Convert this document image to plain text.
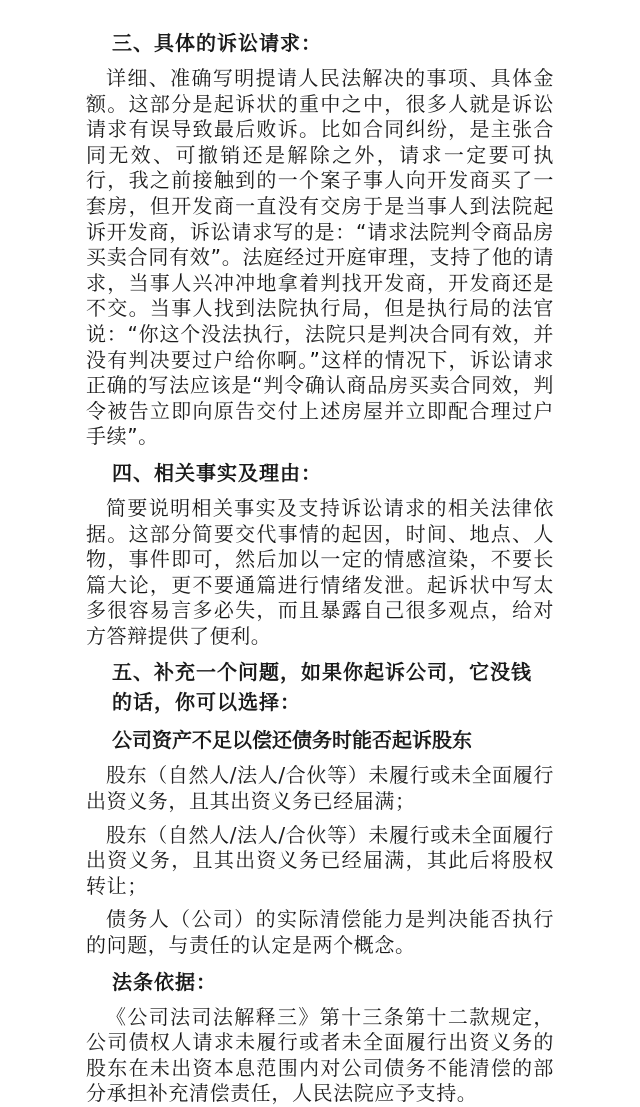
三、具体的诉讼请求：

详细、准确写明提请人民法解决的事项、具体金额。这部分是起诉状的重中之中，很多人就是诉讼请求有误导致最后败诉。比如合同纠纷，是主张合同无效、可撤销还是解除之外，请求一定要可执行，我之前接触到的一个案子事人向开发商买了一套房，但开发商一直没有交房于是当事人到法院起诉开发商，诉讼请求写的是：“请求法院判令商品房买卖合同有效”。法庭经过开庭审理，支持了他的请求，当事人兴冲冲地拿着判找开发商，开发商还是不交。当事人找到法院执行局，但是执行局的法官说：“你这个没法执行，法院只是判决合同有效，并没有判决要过户给你啊。”这样的情况下，诉讼请求正确的写法应该是“判令确认商品房买卖合同效，判令被告立即向原告交付上述房屋并立即配合理过户手续”。

四、相关事实及理由：

简要说明相关事实及支持诉讼请求的相关法律依据。这部分简要交代事情的起因，时间、地点、人物，事件即可，然后加以一定的情感渲染，不要长篇大论，更不要通篇进行情绪发泄。起诉状中写太多很容易言多必失，而且暴露自己很多观点，给对方答辩提供了便利。

五、补充一个问题，如果你起诉公司，它没钱的话，你可以选择：
公司资产不足以偿还债务时能否起诉股东

股东（自然人/法人/合伙等）未履行或未全面履行出资义务，且其出资义务已经届满；

股东（自然人/法人/合伙等）未履行或未全面履行出资义务，且其出资义务已经届满，其此后将股权转让；

债务人（公司）的实际清偿能力是判决能否执行的问题，与责任的认定是两个概念。

法条依据：

《公司法司法解释三》第十三条第十二款规定，公司债权人请求未履行或者未全面履行出资义务的股东在未出资本息范围内对公司债务不能清偿的部分承担补充清偿责任，人民法院应予支持。
